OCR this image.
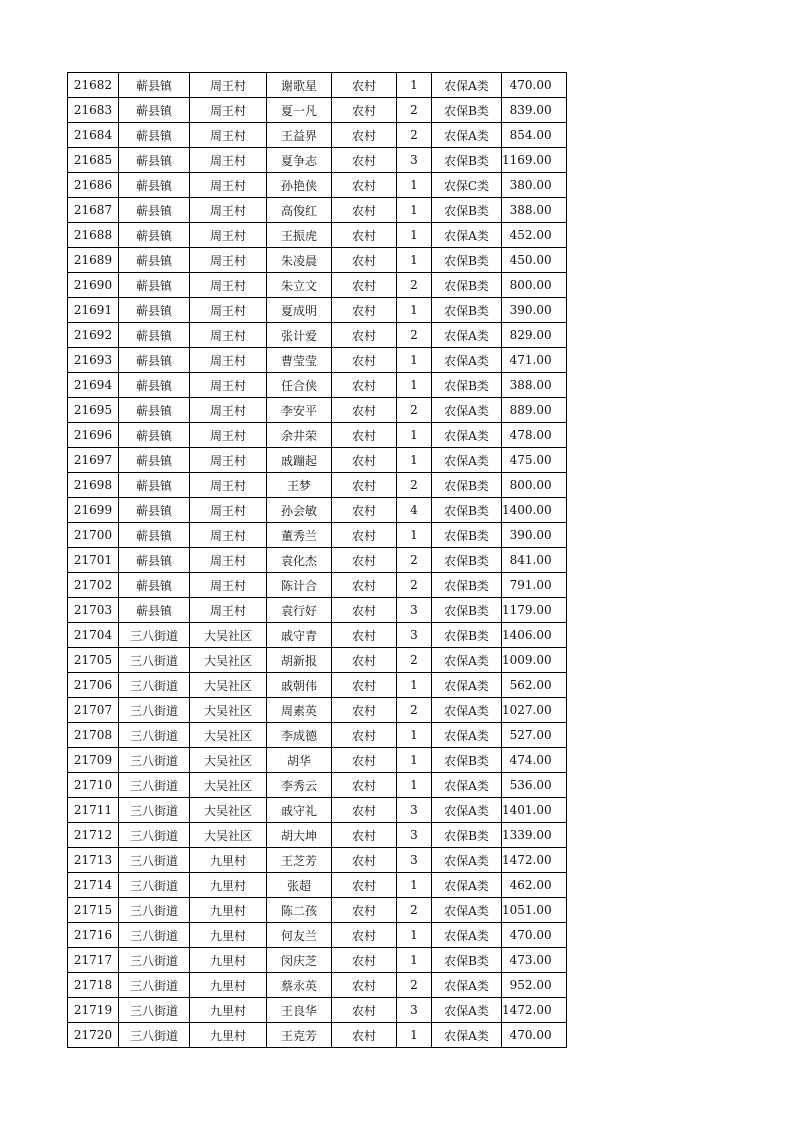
21682	蕲县镇	周王村	谢歌星	农村	1	农保A类	470.00
21683	蕲县镇	周王村	夏一凡	农村	2	农保B类	839.00
21684	蕲县镇	周王村	王益界	农村	2	农保A类	854.00
21685	蕲县镇	周王村	夏争志	农村	3	农保B类	1169.00
21686	蕲县镇	周王村	孙艳侠	农村	1	农保C类	380.00
21687	蕲县镇	周王村	高俊红	农村	1	农保B类	388.00
21688	蕲县镇	周王村	王振虎	农村	1	农保A类	452.00
21689	蕲县镇	周王村	朱凌晨	农村	1	农保B类	450.00
21690	蕲县镇	周王村	朱立文	农村	2	农保B类	800.00
21691	蕲县镇	周王村	夏成明	农村	1	农保B类	390.00
21692	蕲县镇	周王村	张计爱	农村	2	农保A类	829.00
21693	蕲县镇	周王村	曹莹莹	农村	1	农保A类	471.00
21694	蕲县镇	周王村	任合侠	农村	1	农保B类	388.00
21695	蕲县镇	周王村	李安平	农村	2	农保A类	889.00
21696	蕲县镇	周王村	余井荣	农村	1	农保A类	478.00
21697	蕲县镇	周王村	戚蹦起	农村	1	农保A类	475.00
21698	蕲县镇	周王村	王梦	农村	2	农保B类	800.00
21699	蕲县镇	周王村	孙会敏	农村	4	农保B类	1400.00
21700	蕲县镇	周王村	董秀兰	农村	1	农保B类	390.00
21701	蕲县镇	周王村	袁化杰	农村	2	农保B类	841.00
21702	蕲县镇	周王村	陈计合	农村	2	农保B类	791.00
21703	蕲县镇	周王村	袁行好	农村	3	农保B类	1179.00
21704	三八街道	大吴社区	戚守青	农村	3	农保B类	1406.00
21705	三八街道	大吴社区	胡新报	农村	2	农保A类	1009.00
21706	三八街道	大吴社区	戚朝伟	农村	1	农保A类	562.00
21707	三八街道	大吴社区	周素英	农村	2	农保A类	1027.00
21708	三八街道	大吴社区	李成德	农村	1	农保A类	527.00
21709	三八街道	大吴社区	胡华	农村	1	农保B类	474.00
21710	三八街道	大吴社区	李秀云	农村	1	农保A类	536.00
21711	三八街道	大吴社区	戚守礼	农村	3	农保A类	1401.00
21712	三八街道	大吴社区	胡大坤	农村	3	农保B类	1339.00
21713	三八街道	九里村	王芝芳	农村	3	农保A类	1472.00
21714	三八街道	九里村	张超	农村	1	农保A类	462.00
21715	三八街道	九里村	陈二孩	农村	2	农保A类	1051.00
21716	三八街道	九里村	何友兰	农村	1	农保A类	470.00
21717	三八街道	九里村	闵庆芝	农村	1	农保B类	473.00
21718	三八街道	九里村	蔡永英	农村	2	农保A类	952.00
21719	三八街道	九里村	王良华	农村	3	农保A类	1472.00
21720	三八街道	九里村	王克芳	农村	1	农保A类	470.00
